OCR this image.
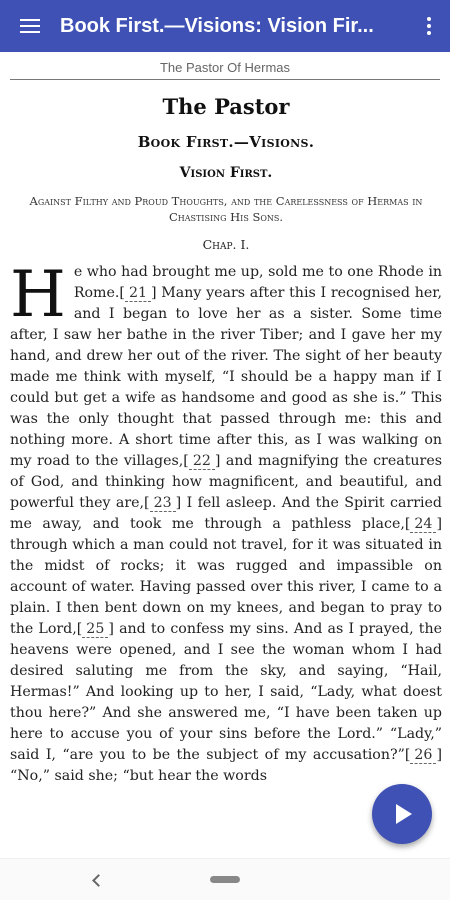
Book First.—Visions: Vision Fir...
The Pastor Of Hermas
The Pastor
Book First.—Visions.
Vision First.
Against Filthy and Proud Thoughts, and the Carelessness of Hermas in Chastising His Sons.
Chap. I.
He who had brought me up, sold me to one Rhode in Rome.[ 21 ] Many years after this I recognised her, and I began to love her as a sister. Some time after, I saw her bathe in the river Tiber; and I gave her my hand, and drew her out of the river. The sight of her beauty made me think with myself, “I should be a happy man if I could but get a wife as handsome and good as she is.” This was the only thought that passed through me: this and nothing more. A short time after this, as I was walking on my road to the villages,[ 22 ] and magnifying the creatures of God, and thinking how magnificent, and beautiful, and powerful they are,[ 23 ] I fell asleep. And the Spirit carried me away, and took me through a pathless place,[ 24 ] through which a man could not travel, for it was situated in the midst of rocks; it was rugged and impassible on account of water. Having passed over this river, I came to a plain. I then bent down on my knees, and began to pray to the Lord,[ 25 ] and to confess my sins. And as I prayed, the heavens were opened, and I see the woman whom I had desired saluting me from the sky, and saying, “Hail, Hermas!” And looking up to her, I said, “Lady, what doest thou here?” And she answered me, “I have been taken up here to accuse you of your sins before the Lord.” “Lady,” said I, “are you to be the subject of my accusation?”[ 26 ] “No,” said she; “but hear the words
